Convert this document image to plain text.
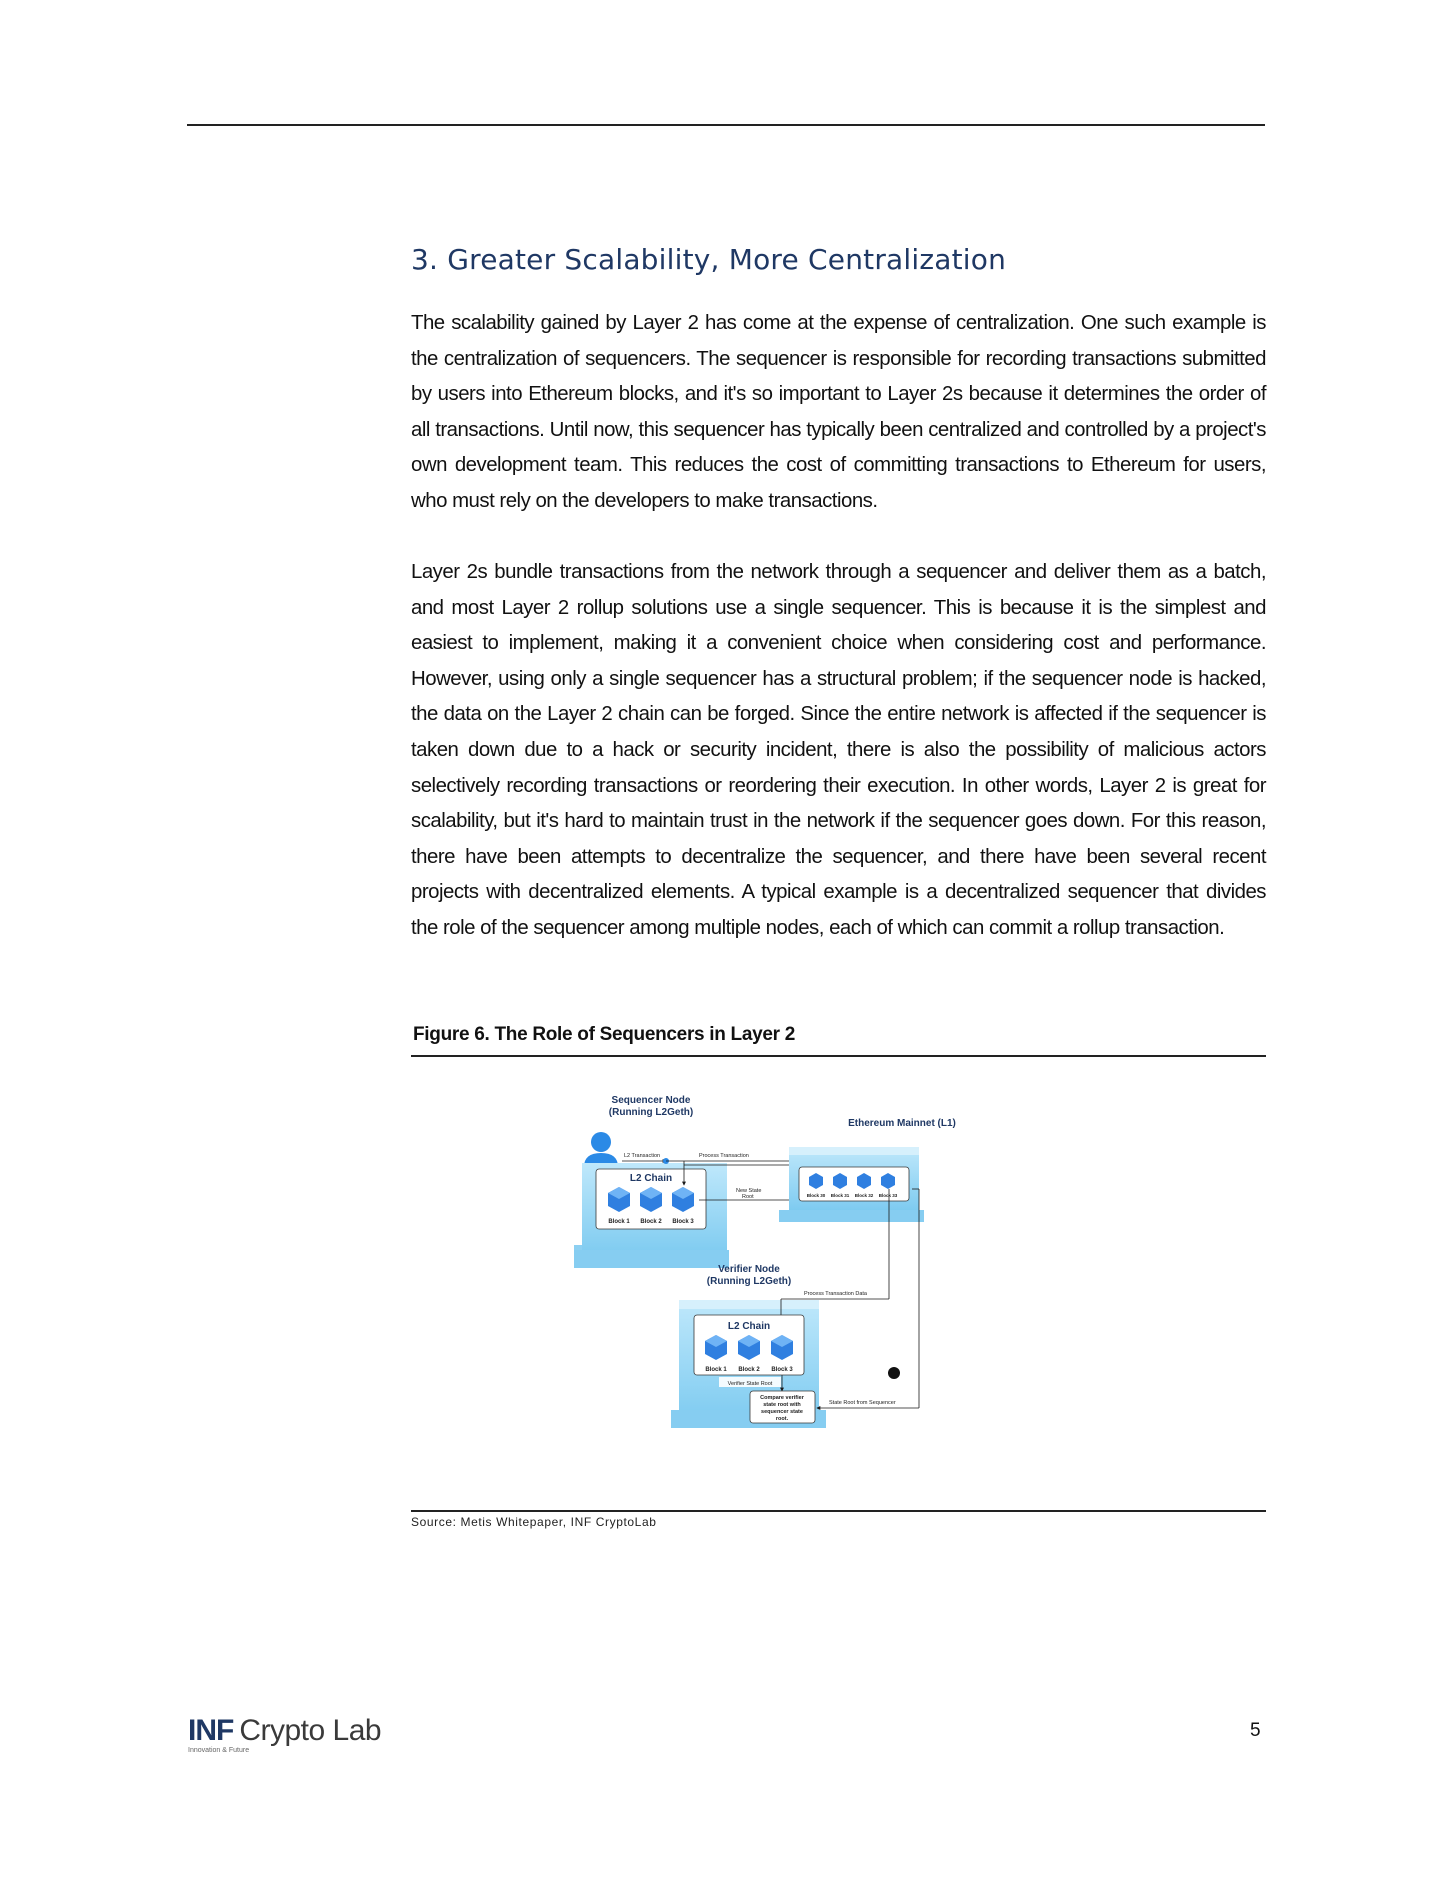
3. Greater Scalability, More Centralization

The scalability gained by Layer 2 has come at the expense of centralization. One such example is the centralization of sequencers. The sequencer is responsible for recording transactions submitted by users into Ethereum blocks, and it's so important to Layer 2s because it determines the order of all transactions. Until now, this sequencer has typically been centralized and controlled by a project's own development team. This reduces the cost of committing transactions to Ethereum for users, who must rely on the developers to make transactions.

Layer 2s bundle transactions from the network through a sequencer and deliver them as a batch, and most Layer 2 rollup solutions use a single sequencer. This is because it is the simplest and easiest to implement, making it a convenient choice when considering cost and performance. However, using only a single sequencer has a structural problem; if the sequencer node is hacked, the data on the Layer 2 chain can be forged. Since the entire network is affected if the sequencer is taken down due to a hack or security incident, there is also the possibility of malicious actors selectively recording transactions or reordering their execution. In other words, Layer 2 is great for scalability, but it's hard to maintain trust in the network if the sequencer goes down. For this reason, there have been attempts to decentralize the sequencer, and there have been several recent projects with decentralized elements. A typical example is a decentralized sequencer that divides the role of the sequencer among multiple nodes, each of which can commit a rollup transaction.

Figure 6. The Role of Sequencers in Layer 2

Sequencer Node
(Running L2Geth)
L2 Chain
Block 1 Block 2 Block 3
L2 Transaction	Process Transaction
New State
Root
Ethereum Mainnet (L1)
Block 30 Block 31 Block 32 Block 33
Verifier Node
(Running L2Geth)
Process Transaction Data
L2 Chain
Block 1 Block 2 Block 3
Verifier State Root
Compare verifier
state root with
sequencer state
root.
State Root from Sequencer
Source: Metis Whitepaper, INF CryptoLab
INF Crypto Lab
Innovation & Future
5
